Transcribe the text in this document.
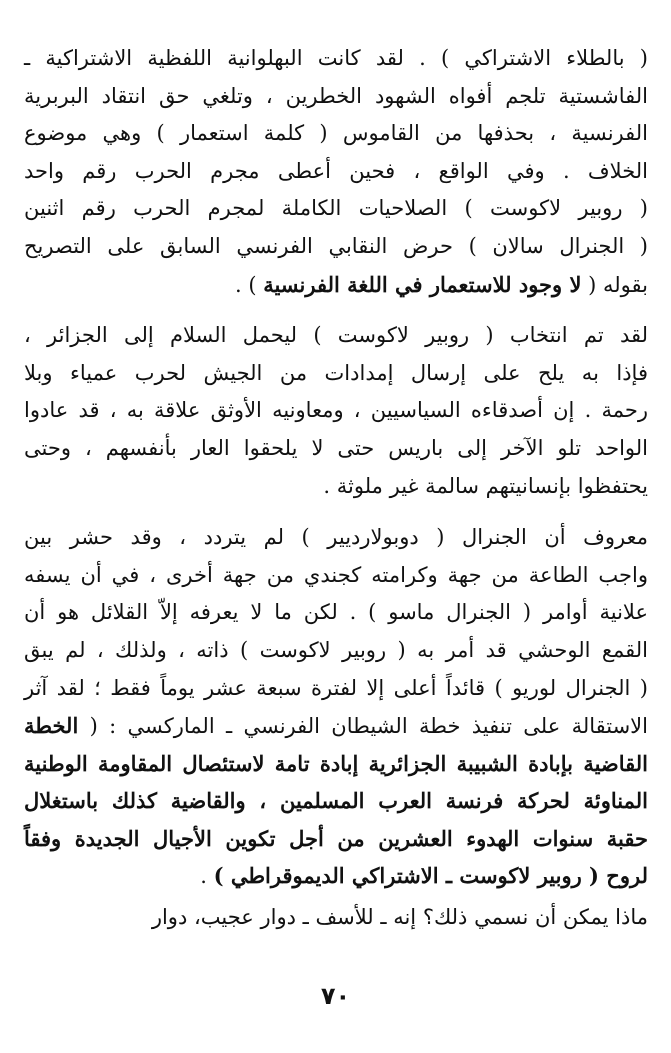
( بالطلاء الاشتراكي ) . لقد كانت البهلوانية اللفظية الاشتراكية ـ
الفاشستية تلجم أفواه الشهود الخطرين ، وتلغي حق انتقاد البربرية
الفرنسية ، بحذفها من القاموس ( كلمة استعمار ) وهي موضوع
الخلاف . وفي الواقع ، فحين أعطى مجرم الحرب رقم واحد
( روبير لاكوست ) الصلاحيات الكاملة لمجرم الحرب رقم اثنين
( الجنرال سالان ) حرض النقابي الفرنسي السابق على التصريح
بقوله ( لا وجود للاستعمار في اللغة الفرنسية ) .
لقد تم انتخاب ( روبير لاكوست ) ليحمل السلام إلى الجزائر ،
فإذا به يلح على إرسال إمدادات من الجيش لحرب عمياء وبلا
رحمة . إن أصدقاءه السياسيين ، ومعاونيه الأوثق علاقة به ، قد عادوا
الواحد تلو الآخر إلى باريس حتى لا يلحقوا العار بأنفسهم ، وحتى
يحتفظوا بإنسانيتهم سالمة غير ملوثة .
معروف أن الجنرال ( دوبولارديير ) لم يتردد ، وقد حشر بين
واجب الطاعة من جهة وكرامته كجندي من جهة أخرى ، في أن يسفه
علانية أوامر ( الجنرال ماسو ) . لكن ما لا يعرفه إلاّ القلائل هو أن
القمع الوحشي قد أمر به ( روبير لاكوست ) ذاته ، ولذلك ، لم يبق
( الجنرال لوريو ) قائداً أعلى إلا لفترة سبعة عشر يوماً فقط ؛ لقد آثر
الاستقالة على تنفيذ خطة الشيطان الفرنسي ـ الماركسي : ( الخطة
القاضية بإبادة الشبيبة الجزائرية إبادة تامة لاستئصال المقاومة الوطنية
المناوئة لحركة فرنسة العرب المسلمين ، والقاضية كذلك باستغلال
حقبة سنوات الهدوء العشرين من أجل تكوين الأجيال الجديدة وفقاً
لروح ( روبير لاكوست ـ الاشتراكي الديموقراطي ) .
ماذا يمكن أن نسمي ذلك؟ إنه ـ للأسف ـ دوار عجيب، دوار
٧٠
